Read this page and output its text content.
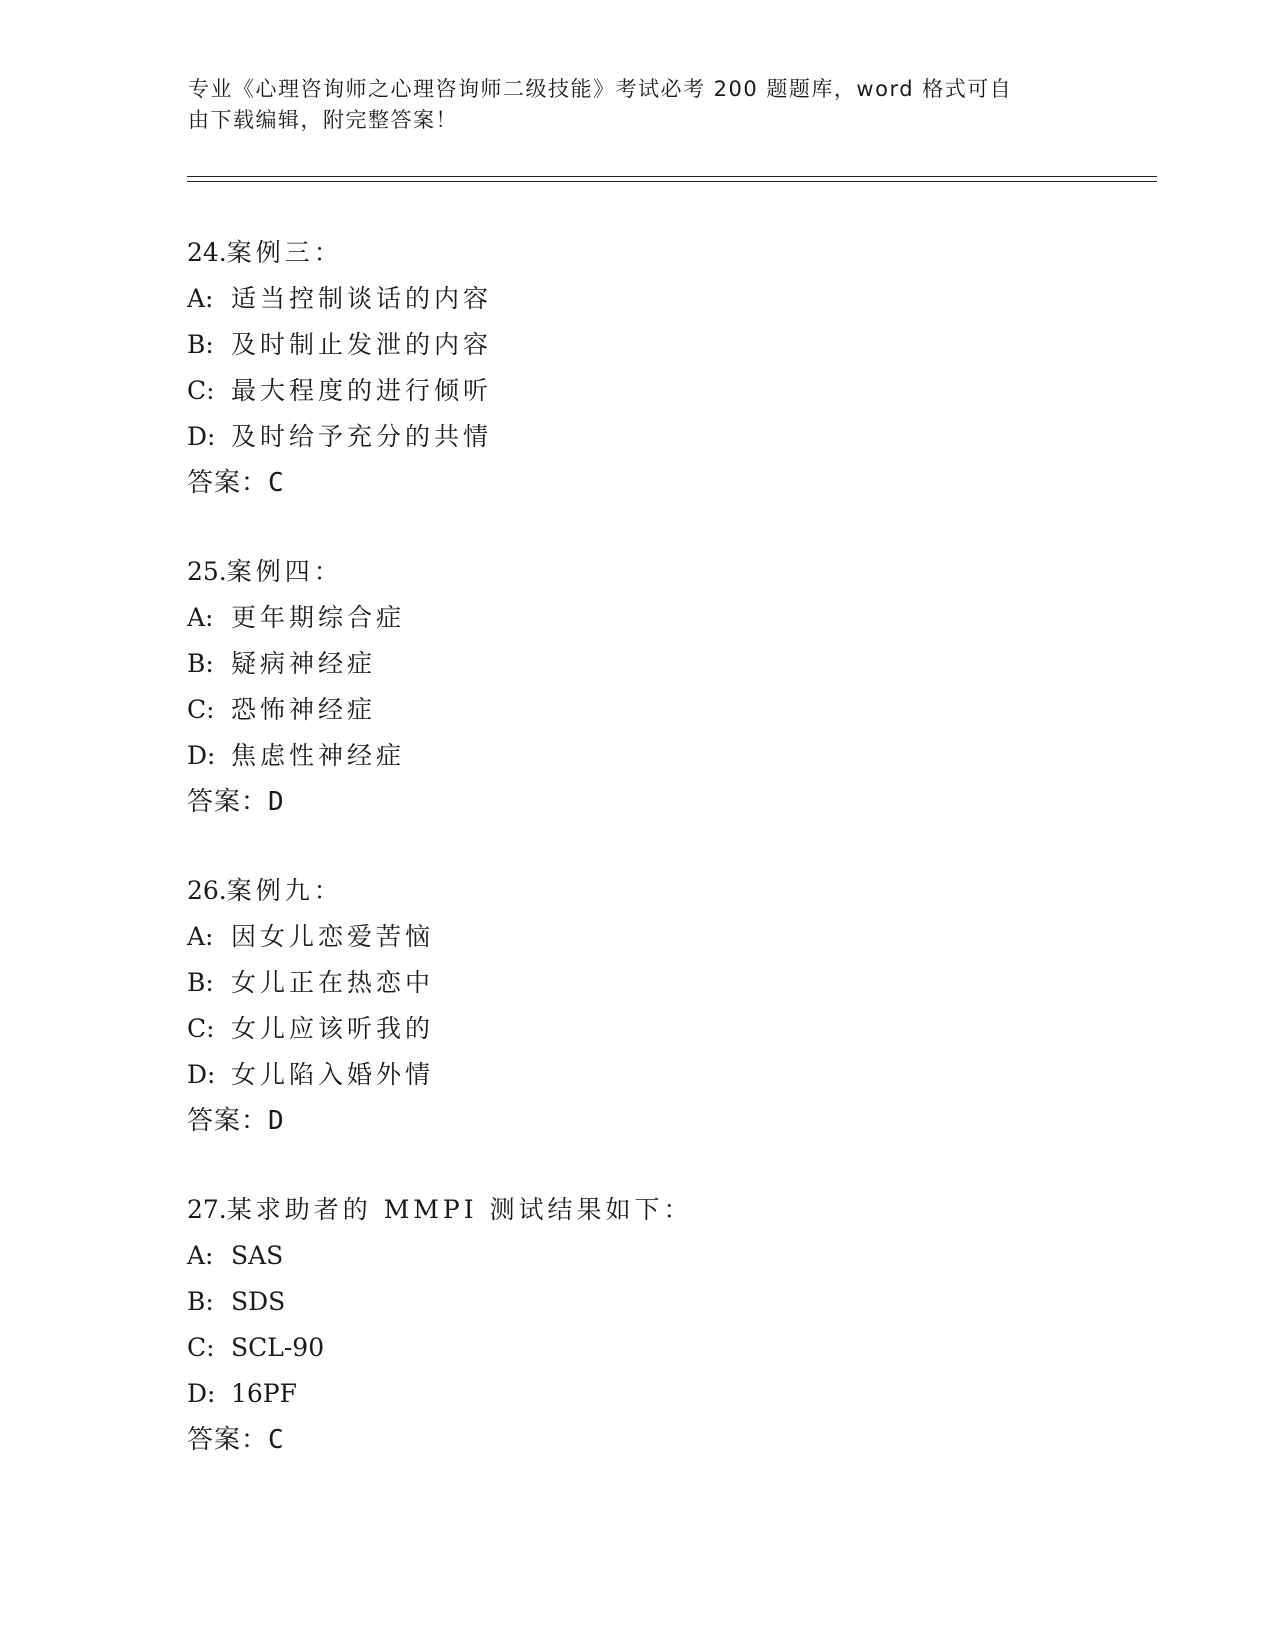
专业《心理咨询师之心理咨询师二级技能》考试必考 200 题题库，word 格式可自
由下载编辑，附完整答案！
24.案例三：
A: 适当控制谈话的内容
B: 及时制止发泄的内容
C: 最大程度的进行倾听
D: 及时给予充分的共情
答案：C
25.案例四：
A: 更年期综合症
B: 疑病神经症
C: 恐怖神经症
D: 焦虑性神经症
答案：D
26.案例九：
A: 因女儿恋爱苦恼
B: 女儿正在热恋中
C: 女儿应该听我的
D: 女儿陷入婚外情
答案：D
27.某求助者的 MMPI 测试结果如下：
A: SAS
B: SDS
C: SCL-90
D: 16PF
答案：C
